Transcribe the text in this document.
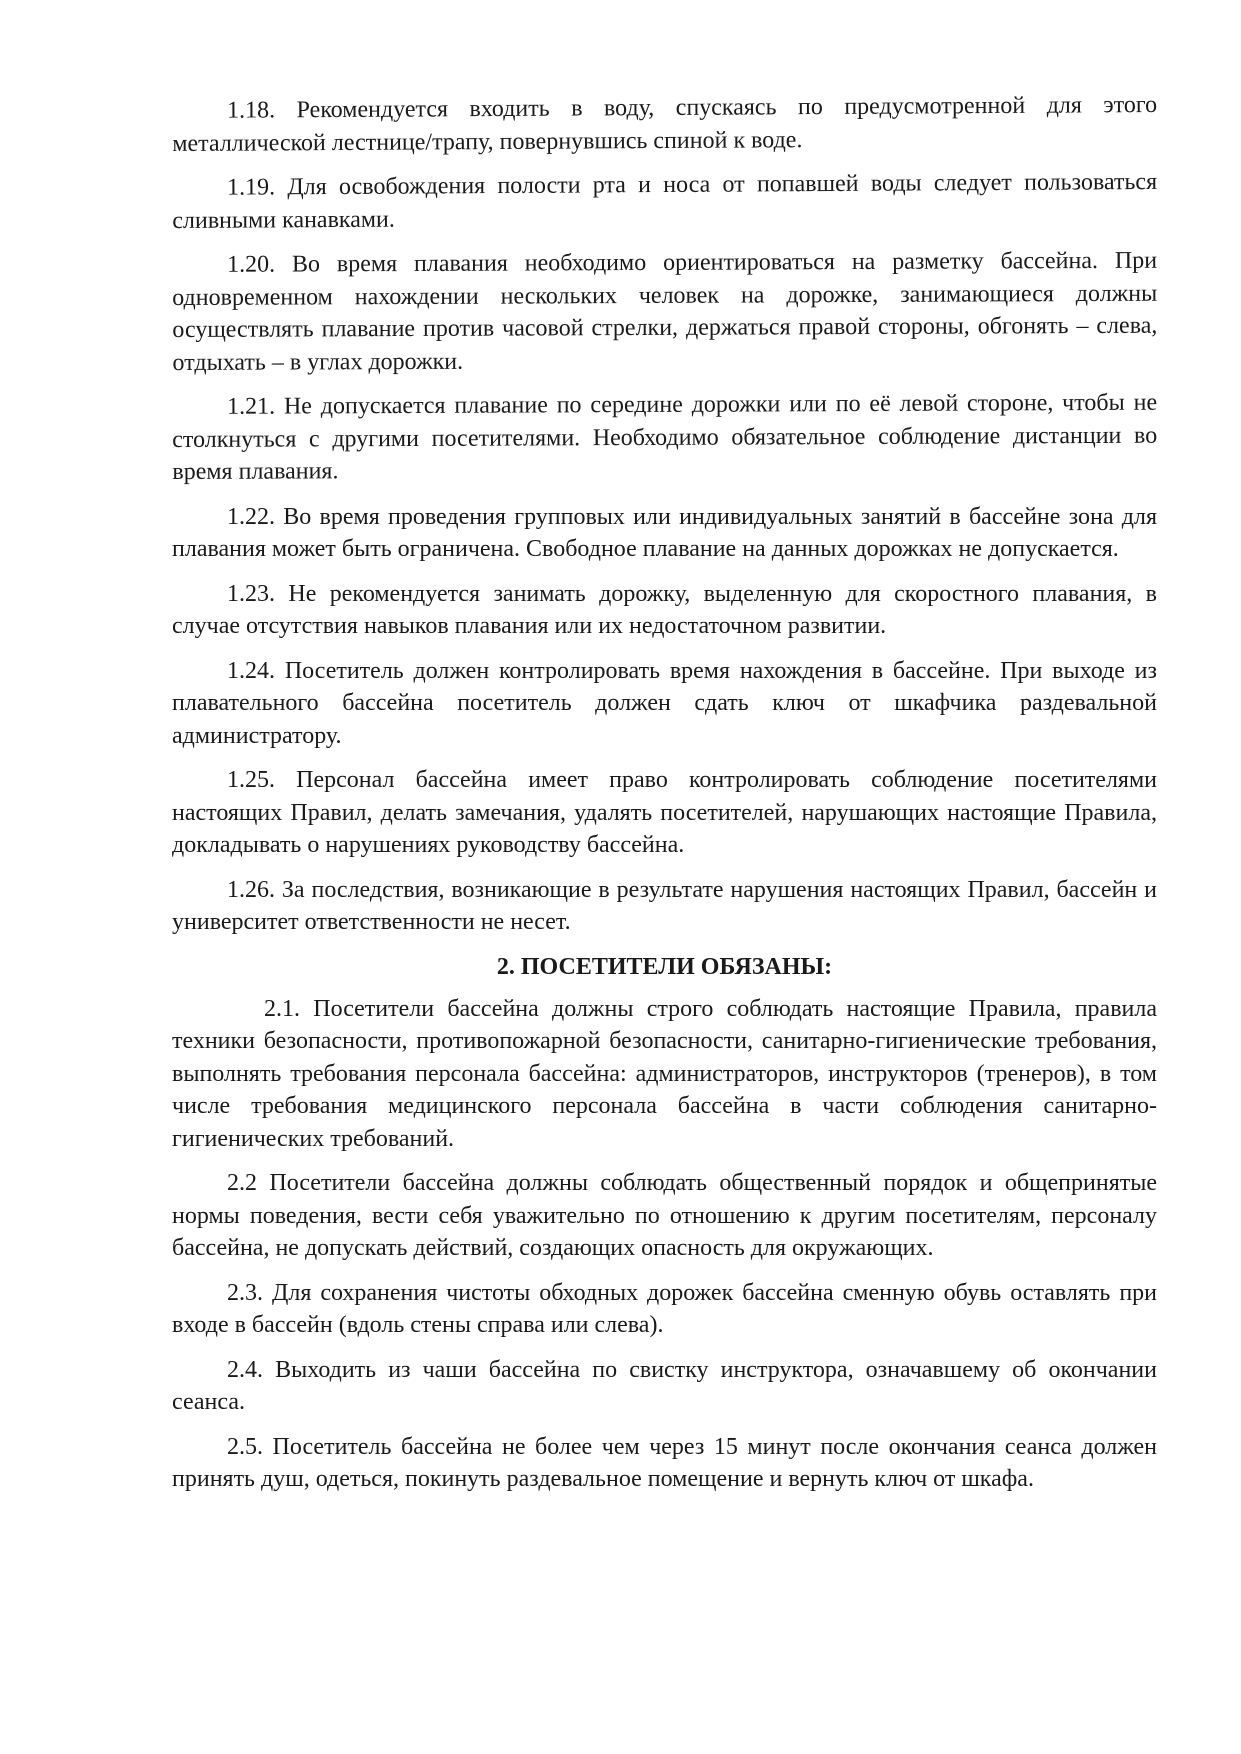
1.18. Рекомендуется входить в воду, спускаясь по предусмотренной для этого металлической лестнице/трапу, повернувшись спиной к воде.

1.19. Для освобождения полости рта и носа от попавшей воды следует пользоваться сливными канавками.

1.20. Во время плавания необходимо ориентироваться на разметку бассейна. При одновременном нахождении нескольких человек на дорожке, занимающиеся должны осуществлять плавание против часовой стрелки, держаться правой стороны, обгонять – слева, отдыхать – в углах дорожки.

1.21. Не допускается плавание по середине дорожки или по её левой стороне, чтобы не столкнуться с другими посетителями. Необходимо обязательное соблюдение дистанции во время плавания.

1.22. Во время проведения групповых или индивидуальных занятий в бассейне зона для плавания может быть ограничена. Свободное плавание на данных дорожках не допускается.

1.23. Не рекомендуется занимать дорожку, выделенную для скоростного плавания, в случае отсутствия навыков плавания или их недостаточном развитии.

1.24. Посетитель должен контролировать время нахождения в бассейне. При выходе из плавательного бассейна посетитель должен сдать ключ от шкафчика раздевальной администратору.

1.25. Персонал бассейна имеет право контролировать соблюдение посетителями настоящих Правил, делать замечания, удалять посетителей, нарушающих настоящие Правила, докладывать о нарушениях руководству бассейна.

1.26. За последствия, возникающие в результате нарушения настоящих Правил, бассейн и университет ответственности не несет.

2. ПОСЕТИТЕЛИ ОБЯЗАНЫ:

2.1. Посетители бассейна должны строго соблюдать настоящие Правила, правила техники безопасности, противопожарной безопасности, санитарно-гигиенические требования, выполнять требования персонала бассейна: администраторов, инструкторов (тренеров), в том числе требования медицинского персонала бассейна в части соблюдения санитарно-гигиенических требований.

2.2 Посетители бассейна должны соблюдать общественный порядок и общепринятые нормы поведения, вести себя уважительно по отношению к другим посетителям, персоналу бассейна, не допускать действий, создающих опасность для окружающих.

2.3. Для сохранения чистоты обходных дорожек бассейна сменную обувь оставлять при входе в бассейн (вдоль стены справа или слева).

2.4. Выходить из чаши бассейна по свистку инструктора, означавшему об окончании сеанса.

2.5. Посетитель бассейна не более чем через 15 минут после окончания сеанса должен принять душ, одеться, покинуть раздевальное помещение и вернуть ключ от шкафа.
